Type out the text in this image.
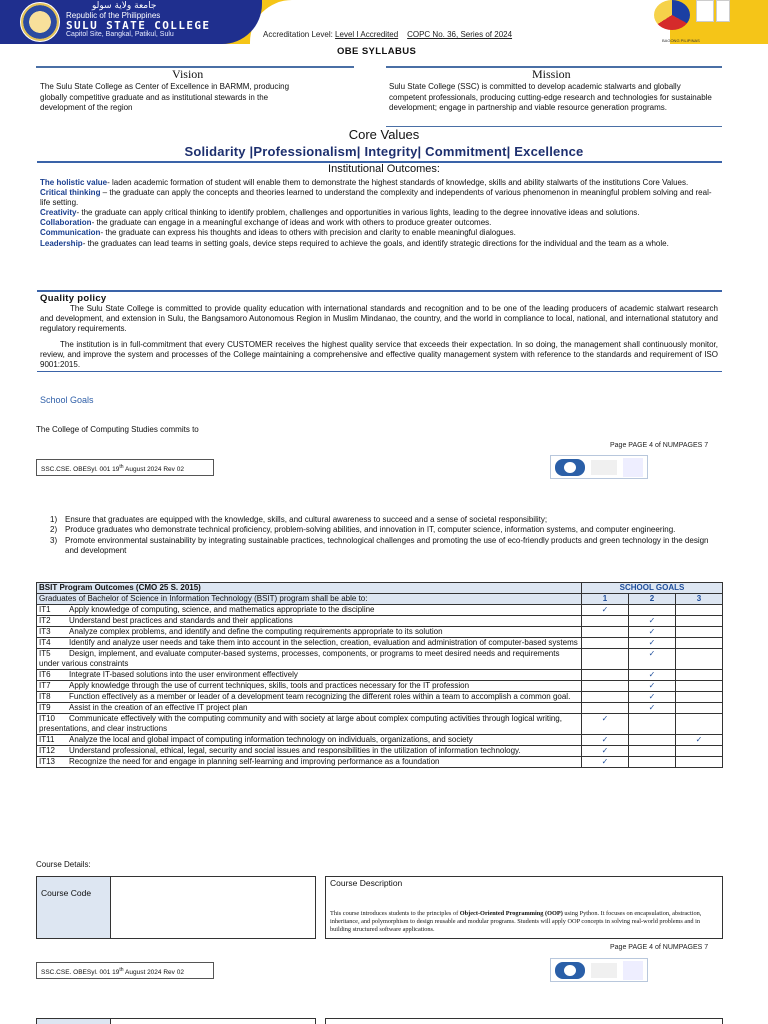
جامعة ولاية سولو
Republic of the Philippines
SULU STATE COLLEGE
Capitol Site, Bangkal, Patikul, Sulu	Accreditation Level: Level I Accredited COPC No. 36, Series of 2024
BAGONG PILIPINAS
OBE SYLLABUS
Vision	Mission
The Sulu State College as Center of Excellence in BARMM, producing globally competitive graduate and as institutional stewards in the development of the region
Sulu State College (SSC) is committed to develop academic stalwarts and globally competent professionals, producing cutting-edge research and technologies for sustainable development; engage in partnership and viable resource generation programs.
Core Values
Solidarity |Professionalism| Integrity| Commitment| Excellence
Institutional Outcomes:
The holistic value- laden academic formation of student will enable them to demonstrate the highest standards of knowledge, skills and ability stalwarts of the institutions Core Values.
Critical thinking – the graduate can apply the concepts and theories learned to understand the complexity and independents of various phenomenon in meaningful problem solving and real-life setting.
Creativity- the graduate can apply critical thinking to identify problem, challenges and opportunities in various lights, leading to the degree innovative ideas and solutions.
Collaboration- the graduate can engage in a meaningful exchange of ideas and work with others to produce greater outcomes.
Communication- the graduate can express his thoughts and ideas to others with precision and clarity to enable meaningful dialogues.
Leadership- the graduates can lead teams in setting goals, device steps required to achieve the goals, and identify strategic directions for the individual and the team as a whole.
Quality policy
The Sulu State College is committed to provide quality education with international standards and recognition and to be one of the leading producers of academic stalwart research and development, and extension in Sulu, the Bangsamoro Autonomous Region in Muslim Mindanao, the country, and the world in compliance to local, national, and international statutory and regulatory requirements.
The institution is in full-commitment that every CUSTOMER receives the highest quality service that exceeds their expectation. In so doing, the management shall continuously monitor, review, and improve the system and processes of the College maintaining a comprehensive and effective quality management system with reference to the standards and requirement of ISO 9001:2015.
School Goals
The College of Computing Studies commits to
Page PAGE 4 of NUMPAGES 7
SSC.CSE. OBESyl. 001 19th August 2024 Rev 02
1) Ensure that graduates are equipped with the knowledge, skills, and cultural awareness to succeed and a sense of societal responsibility;
2) Produce graduates who demonstrate technical proficiency, problem-solving abilities, and innovation in IT, computer science, information systems, and computer engineering.
3) Promote environmental sustainability by integrating sustainable practices, technological challenges and promoting the use of eco-friendly products and green technology in the design and development
BSIT Program Outcomes (CMO 25 S. 2015)	SCHOOL GOALS		
Graduates of Bachelor of Science in Information Technology (BSIT) program shall be able to:	1	2	3
IT1 Apply knowledge of computing, science, and mathematics appropriate to the discipline	✓		
IT2 Understand best practices and standards and their applications		✓	
IT3 Analyze complex problems, and identify and define the computing requirements appropriate to its solution		✓	
IT4 Identify and analyze user needs and take them into account in the selection, creation, evaluation and administration of computer-based systems		✓	
IT5 Design, implement, and evaluate computer-based systems, processes, components, or programs to meet desired needs and requirements under various constraints		✓	
IT6 Integrate IT-based solutions into the user environment effectively		✓	
IT7 Apply knowledge through the use of current techniques, skills, tools and practices necessary for the IT profession		✓	
IT8 Function effectively as a member or leader of a development team recognizing the different roles within a team to accomplish a common goal.		✓	
IT9 Assist in the creation of an effective IT project plan		✓	
IT10 Communicate effectively with the computing community and with society at large about complex computing activities through logical writing, presentations, and clear instructions	✓		
IT11 Analyze the local and global impact of computing information technology on individuals, organizations, and society	✓		✓
IT12 Understand professional, ethical, legal, security and social issues and responsibilities in the utilization of information technology.	✓		
IT13 Recognize the need for and engage in planning self-learning and improving performance as a foundation	✓		
Course Details:
Course Code
Course Description
This course introduces students to the principles of Object-Oriented Programming (OOP) using Python. It focuses on encapsulation, abstraction, inheritance, and polymorphism to design reusable and modular programs. Students will apply OOP concepts in solving real-world problems and in building structured software applications.
Page PAGE 4 of NUMPAGES 7
SSC.CSE. OBESyl. 001 19th August 2024 Rev 02
